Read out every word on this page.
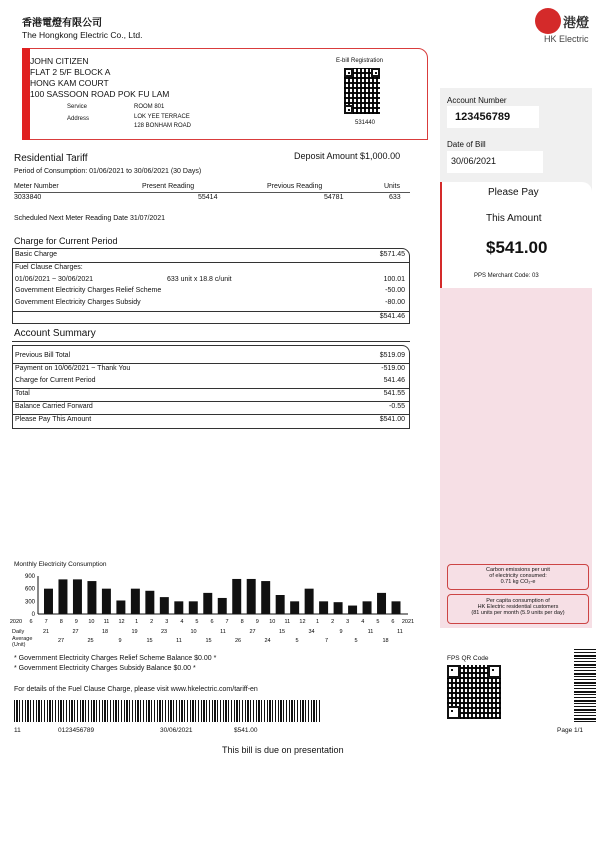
香港電燈有限公司
The Hongkong Electric Co., Ltd.
港燈
HK Electric
JOHN CITIZEN
FLAT 2 5/F BLOCK A
HONG KAM COURT
100 SASSOON ROAD POK FU LAM
Service
Address
ROOM 801
LOK YEE TERRACE
128 BONHAM ROAD
E-bill Registration
531440
Account Number
123456789
Date of Bill
30/06/2021
Please Pay
This Amount
$541.00
PPS Merchant Code: 03
Carbon emissions per unit
of electricity consumed:
0.71 kg CO₂-e
Per capita consumption of
HK Electric residential customers
(81 units per month (5.9 units per day)
Residential Tariff	Deposit Amount $1,000.00
Period of Consumption: 01/06/2021 to 30/06/2021 (30 Days)
Meter Number	Present Reading	Previous Reading	Units
3033840	55414	54781	633
Scheduled Next Meter Reading Date 31/07/2021
Charge for Current Period
Basic Charge	$571.45
Fuel Clause Charges:
01/06/2021 ~ 30/06/2021	633 unit x 18.8 c/unit	100.01
Government Electricity Charges Relief Scheme	-50.00
Government Electricity Charges Subsidy	-80.00
$541.46
Account Summary
Previous Bill Total	$519.09
Payment on 10/06/2021 ~ Thank You	-519.00
Charge for Current Period	541.46
Total	541.55
Balance Carried Forward	-0.55
Please Pay This Amount	$541.00
Monthly Electricity Consumption
900
600
300
0
2020 6 7 8 9 10 11 12 1 2 3 4 5 6 7 8 9 10 11 12 1 2 3 4 5 6 2021
21	27	18	19	23	10	11	27	15	34	9	11	11
27	25	9	15	11	15	26	24	5	7	5	18
Daily Average (Unit)
* Government Electricity Charges Relief Scheme Balance $0.00 *
* Government Electricity Charges Subsidy Balance $0.00 *
For details of the Fuel Clause Charge, please visit www.hkelectric.com/tariff-en
11	0123456789	30/06/2021	$541.00
FPS QR Code
Page 1/1
This bill is due on presentation
